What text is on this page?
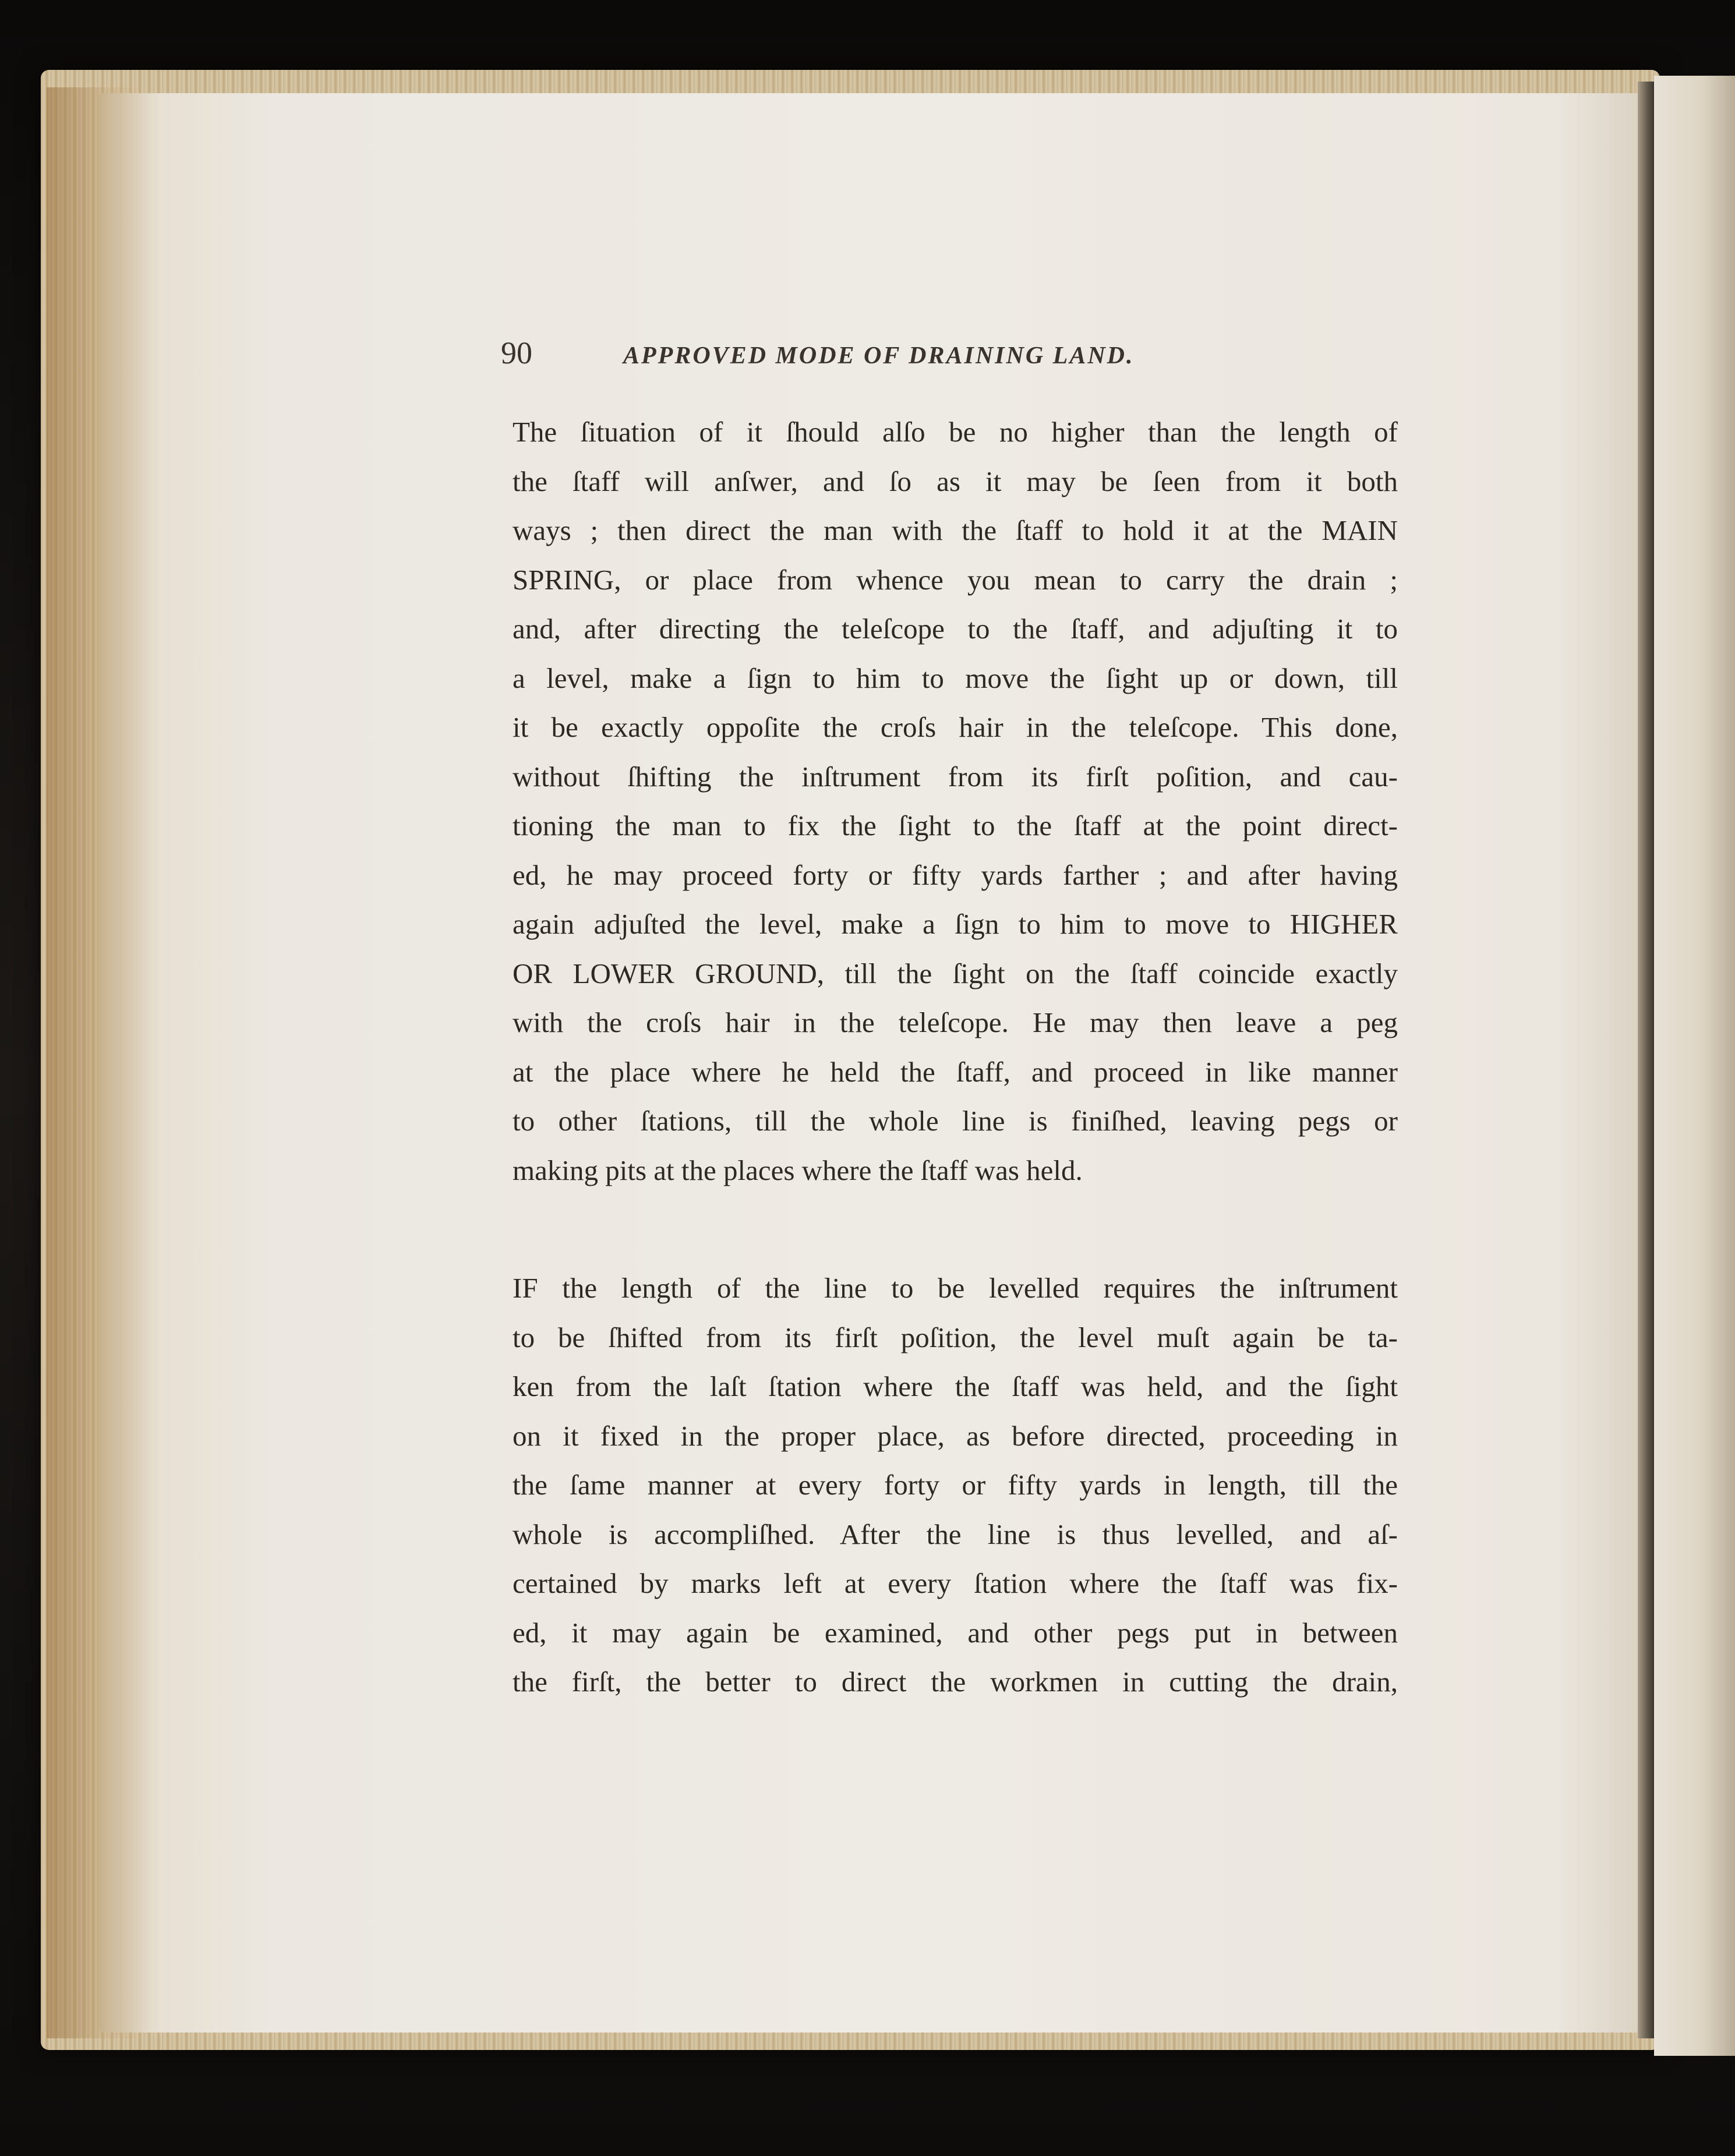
90	APPROVED MODE OF DRAINING LAND.
The ſituation of it ſhould alſo be no higher than the length of
the ſtaff will anſwer, and ſo as it may be ſeen from it both
ways ; then direct the man with the ſtaff to hold it at the MAIN
SPRING, or place from whence you mean to carry the drain ;
and, after directing the teleſcope to the ſtaff, and adjuſting it to
a level, make a ſign to him to move the ſight up or down, till
it be exactly oppoſite the croſs hair in the teleſcope. This done,
without ſhifting the inſtrument from its firſt poſition, and cau-
tioning the man to fix the ſight to the ſtaff at the point direct-
ed, he may proceed forty or fifty yards farther ; and after having
again adjuſted the level, make a ſign to him to move to HIGHER
OR LOWER GROUND, till the ſight on the ſtaff coincide exactly
with the croſs hair in the teleſcope. He may then leave a peg
at the place where he held the ſtaff, and proceed in like manner
to other ſtations, till the whole line is finiſhed, leaving pegs or
making pits at the places where the ſtaff was held.
IF the length of the line to be levelled requires the inſtrument
to be ſhifted from its firſt poſition, the level muſt again be ta-
ken from the laſt ſtation where the ſtaff was held, and the ſight
on it fixed in the proper place, as before directed, proceeding in
the ſame manner at every forty or fifty yards in length, till the
whole is accompliſhed. After the line is thus levelled, and aſ-
certained by marks left at every ſtation where the ſtaff was fix-
ed, it may again be examined, and other pegs put in between
the firſt, the better to direct the workmen in cutting the drain,
